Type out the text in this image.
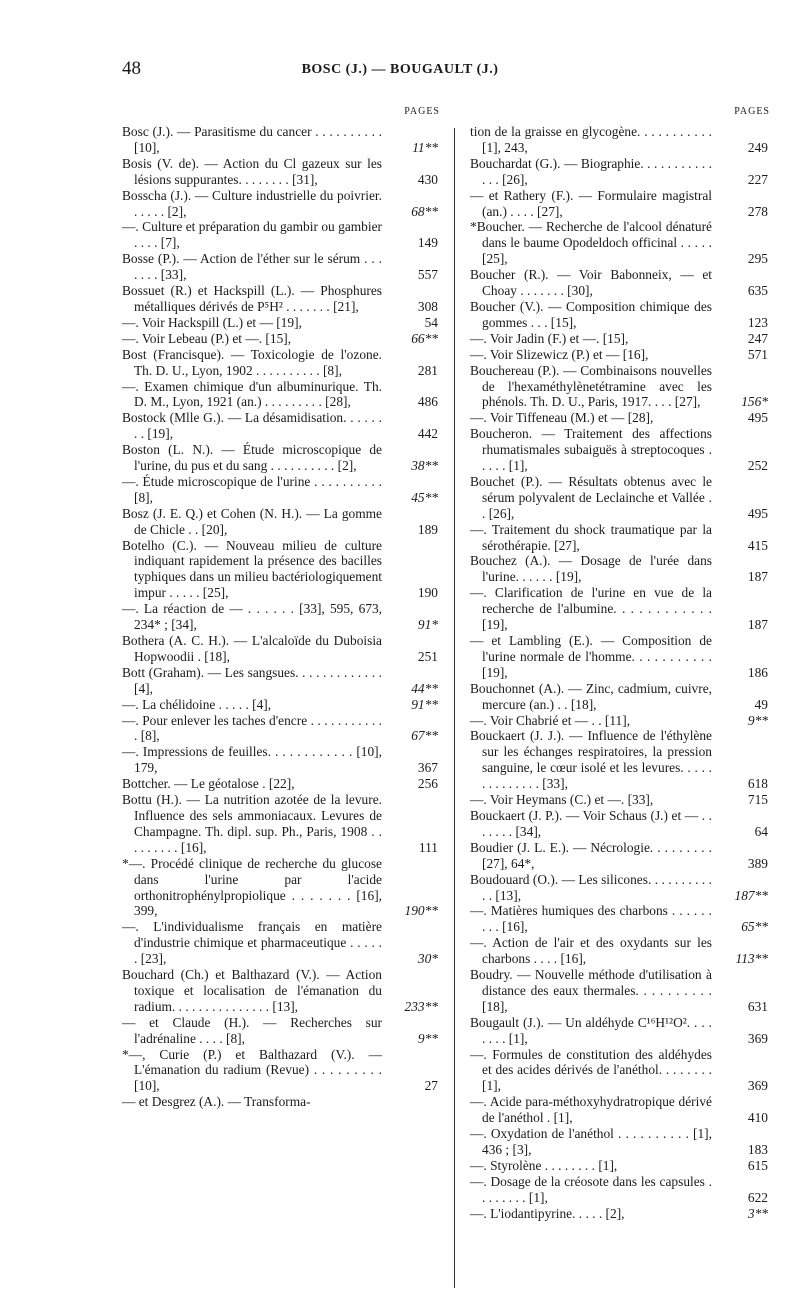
48	BOSC (J.) — BOUGAULT (J.)
PAGES

Bosc (J.). — Parasitisme du cancer . . . . . . . . . . [10],	11**

Bosis (V. de). — Action du Cl gazeux sur les lésions suppurantes. . . . . . . . [31],	430

Bosscha (J.). — Culture industrielle du poivrier. . . . . . [2],	68**

—. Culture et préparation du gambir ou gambier . . . . [7],	149

Bosse (P.). — Action de l'éther sur le sérum . . . . . . . [33],	557

Bossuet (R.) et Hackspill (L.). — Phosphures métalliques dérivés de P⁵H² . . . . . . . [21],	308

—. Voir Hackspill (L.) et — [19],	54

—. Voir Lebeau (P.) et —. [15],	66**

Bost (Francisque). — Toxicologie de l'ozone. Th. D. U., Lyon, 1902 . . . . . . . . . . [8],	281

—. Examen chimique d'un albuminurique. Th. D. M., Lyon, 1921 (an.) . . . . . . . . . [28],	486

Bostock (Mlle G.). — La désamidisation. . . . . . . . [19],	442

Boston (L. N.). — Étude microscopique de l'urine, du pus et du sang . . . . . . . . . . [2],	38**

—. Étude microscopique de l'urine . . . . . . . . . . [8],	45**

Bosz (J. E. Q.) et Cohen (N. H.). — La gomme de Chicle . . [20],	189

Botelho (C.). — Nouveau milieu de culture indiquant rapidement la présence des bacilles typhiques dans un milieu bactériologiquement impur . . . . . [25],	190

—. La réaction de — . . . . . . [33], 595, 673, 234* ; [34],	91*

Bothera (A. C. H.). — L'alcaloïde du Duboisia Hopwoodii . [18],	251

Bott (Graham). — Les sangsues. . . . . . . . . . . . . [4],	44**

—. La chélidoine . . . . . [4],	91**

—. Pour enlever les taches d'encre . . . . . . . . . . . . [8],	67**

—. Impressions de feuilles. . . . . . . . . . . . [10], 179,	367

Bottcher. — Le géotalose . [22],	256

Bottu (H.). — La nutrition azotée de la levure. Influence des sels ammoniacaux. Levures de Champagne. Th. dipl. sup. Ph., Paris, 1908 . . . . . . . . . [16],	111

*—. Procédé clinique de recherche du glucose dans l'urine par l'acide orthonitrophénylpropiolique . . . . . . . [16], 399,	190**

—. L'individualisme français en matière d'industrie chimique et pharmaceutique . . . . . . [23],	30*

Bouchard (Ch.) et Balthazard (V.). — Action toxique et localisation de l'émanation du radium. . . . . . . . . . . . . . . [13],	233**

— et Claude (H.). — Recherches sur l'adrénaline . . . . [8],	9**

*—, Curie (P.) et Balthazard (V.). — L'émanation du radium (Revue) . . . . . . . . . [10],	27

— et Desgrez (A.). — Transforma-

PAGES

tion de la graisse en glycogène. . . . . . . . . . . [1], 243,	249

Bouchardat (G.). — Biographie. . . . . . . . . . . . . . [26],	227

— et Rathery (F.). — Formulaire magistral (an.) . . . . [27],	278

*Boucher. — Recherche de l'alcool dénaturé dans le baume Opodeldoch officinal . . . . . [25],	295

Boucher (R.). — Voir Babonneix, — et Choay . . . . . . . [30],	635

Boucher (V.). — Composition chimique des gommes . . . [15],	123

—. Voir Jadin (F.) et —. [15],	247

—. Voir Slizewicz (P.) et — [16],	571

Bouchereau (P.). — Combinaisons nouvelles de l'hexaméthylènetétramine avec les phénols. Th. D. U., Paris, 1917. . . . [27],	156*

—. Voir Tiffeneau (M.) et — [28],	495

Boucheron. — Traitement des affections rhumatismales subaiguës à streptocoques . . . . . [1],	252

Bouchet (P.). — Résultats obtenus avec le sérum polyvalent de Leclainche et Vallée . . [26],	495

—. Traitement du shock traumatique par la sérothérapie. [27],	415

Bouchez (A.). — Dosage de l'urée dans l'urine. . . . . . [19],	187

—. Clarification de l'urine en vue de la recherche de l'albumine. . . . . . . . . . . . [19],	187

— et Lambling (E.). — Composition de l'urine normale de l'homme. . . . . . . . . . . [19],	186

Bouchonnet (A.). — Zinc, cadmium, cuivre, mercure (an.) . . [18],	49

—. Voir Chabrié et — . . [11],	9**

Bouckaert (J. J.). — Influence de l'éthylène sur les échanges respiratoires, la pression sanguine, le cœur isolé et les levures. . . . . . . . . . . . . . [33],	618

—. Voir Heymans (C.) et —. [33],	715

Bouckaert (J. P.). — Voir Schaus (J.) et — . . . . . . . [34],	64

Boudier (J. L. E.). — Nécrologie. . . . . . . . . [27], 64*,	389

Boudouard (O.). — Les silicones. . . . . . . . . . . . [13],	187**

—. Matières humiques des charbons . . . . . . . . . [16],	65**

—. Action de l'air et des oxydants sur les charbons . . . . [16],	113**

Boudry. — Nouvelle méthode d'utilisation à distance des eaux thermales. . . . . . . . . . [18],	631

Bougault (J.). — Un aldéhyde C¹⁶H¹²O². . . . . . . . [1],	369

—. Formules de constitution des aldéhydes et des acides dérivés de l'anéthol. . . . . . . . [1],	369

—. Acide para-méthoxyhydratropique dérivé de l'anéthol . [1],	410

—. Oxydation de l'anéthol . . . . . . . . . . [1], 436 ; [3],	183

—. Styrolène . . . . . . . . [1],	615

—. Dosage de la créosote dans les capsules . . . . . . . . [1],	622

—. L'iodantipyrine. . . . . [2],	3**
